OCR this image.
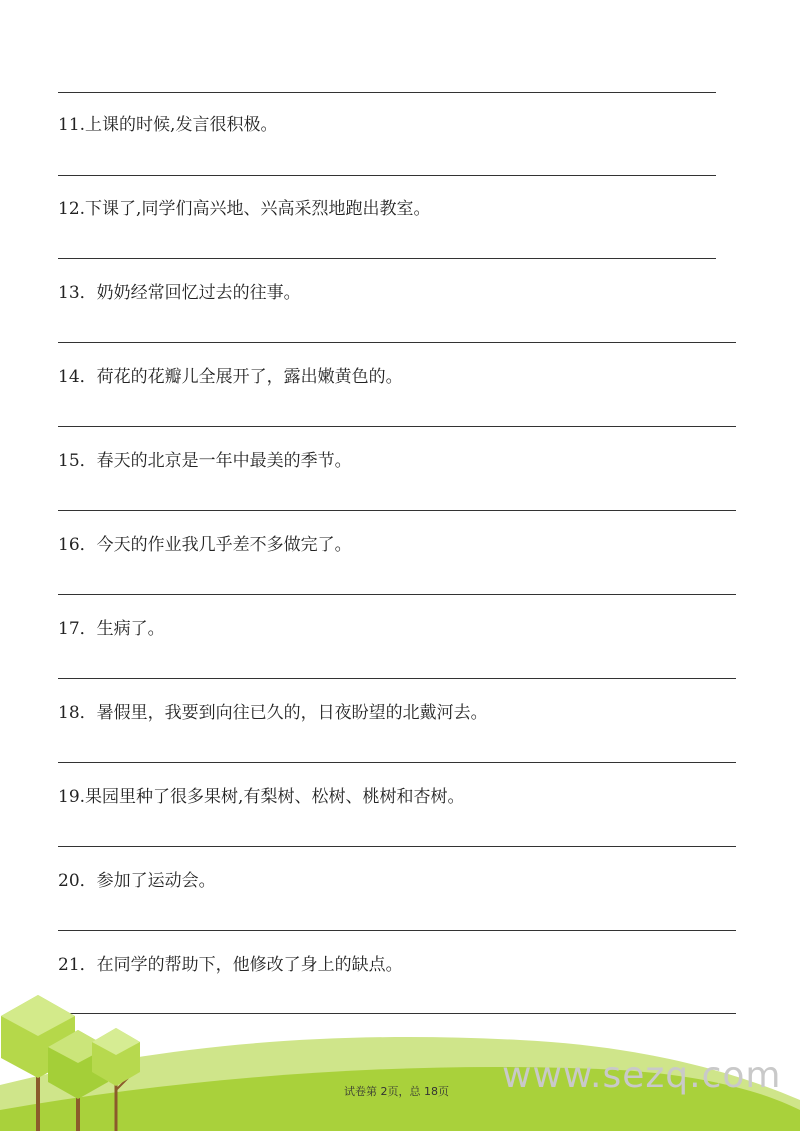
11.上课的时候,发言很积极。
12.下课了,同学们高兴地、兴高采烈地跑出教室。
13．奶奶经常回忆过去的往事。
14．荷花的花瓣儿全展开了，露出嫩黄色的。
15．春天的北京是一年中最美的季节。
16．今天的作业我几乎差不多做完了。
17．生病了。
18．暑假里，我要到向往已久的，日夜盼望的北戴河去。
19.果园里种了很多果树,有梨树、松树、桃树和杏树。
20．参加了运动会。
21．在同学的帮助下，他修改了身上的缺点。
www.sezq.com
试卷第 2页，总 18页
